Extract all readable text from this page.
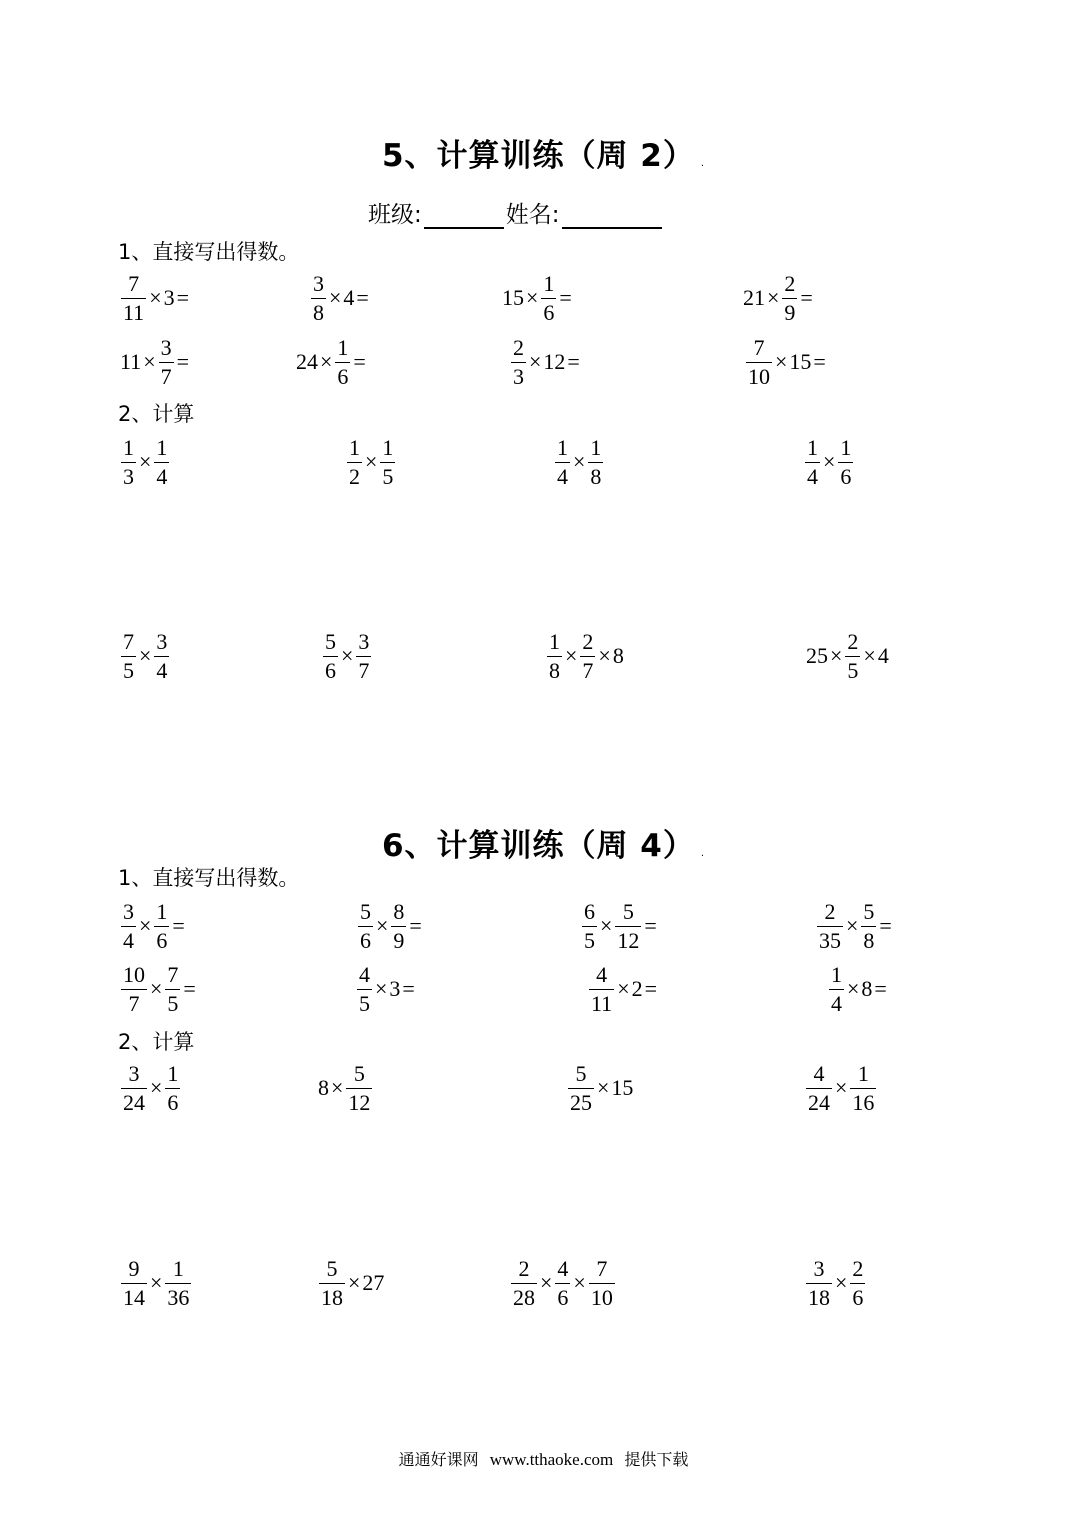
5、计算训练（周 2） .
班级:	姓名:
1、直接写出得数。
2、计算
6、计算训练（周 4） .
1、直接写出得数。
2、计算
$\frac{7}{11} \times 3$ =	$\frac{3}{8} \times 4$ =	$15 \times \frac{1}{6}$ =	$21 \times \frac{2}{9}$ =
$11 \times \frac{3}{7}$ =	$24 \times \frac{1}{6}$ =	$\frac{2}{3} \times 12$ =	$\frac{7}{10} \times 15$ =
$\frac{1}{3} \times \frac{1}{4}$	$\frac{1}{2} \times \frac{1}{5}$	$\frac{1}{4} \times \frac{1}{8}$	$\frac{1}{4} \times \frac{1}{6}$
$\frac{7}{5} \times \frac{3}{4}$	$\frac{5}{6} \times \frac{3}{7}$	$\frac{1}{8} \times \frac{2}{7} \times 8$	$25 \times \frac{2}{5} \times 4$
$\frac{3}{4} \times \frac{1}{6}$ =	$\frac{5}{6} \times \frac{8}{9}$ =	$\frac{6}{5} \times \frac{5}{12}$ =	$\frac{2}{35} \times \frac{5}{8}$ =
$\frac{10}{7} \times \frac{7}{5}$ =	$\frac{4}{5} \times 3$ =	$\frac{4}{11} \times 2$ =	$\frac{1}{4} \times 8$ =
$\frac{3}{24} \times \frac{1}{6}$	$8 \times \frac{5}{12}$	$\frac{5}{25} \times 15$	$\frac{4}{24} \times \frac{1}{16}$
$\frac{9}{14} \times \frac{1}{36}$	$\frac{5}{18} \times 27$	$\frac{2}{28} \times \frac{4}{6} \times \frac{7}{10}$	$\frac{3}{18} \times \frac{2}{6}$
通通好课网 www.tthaoke.com 提供下载
